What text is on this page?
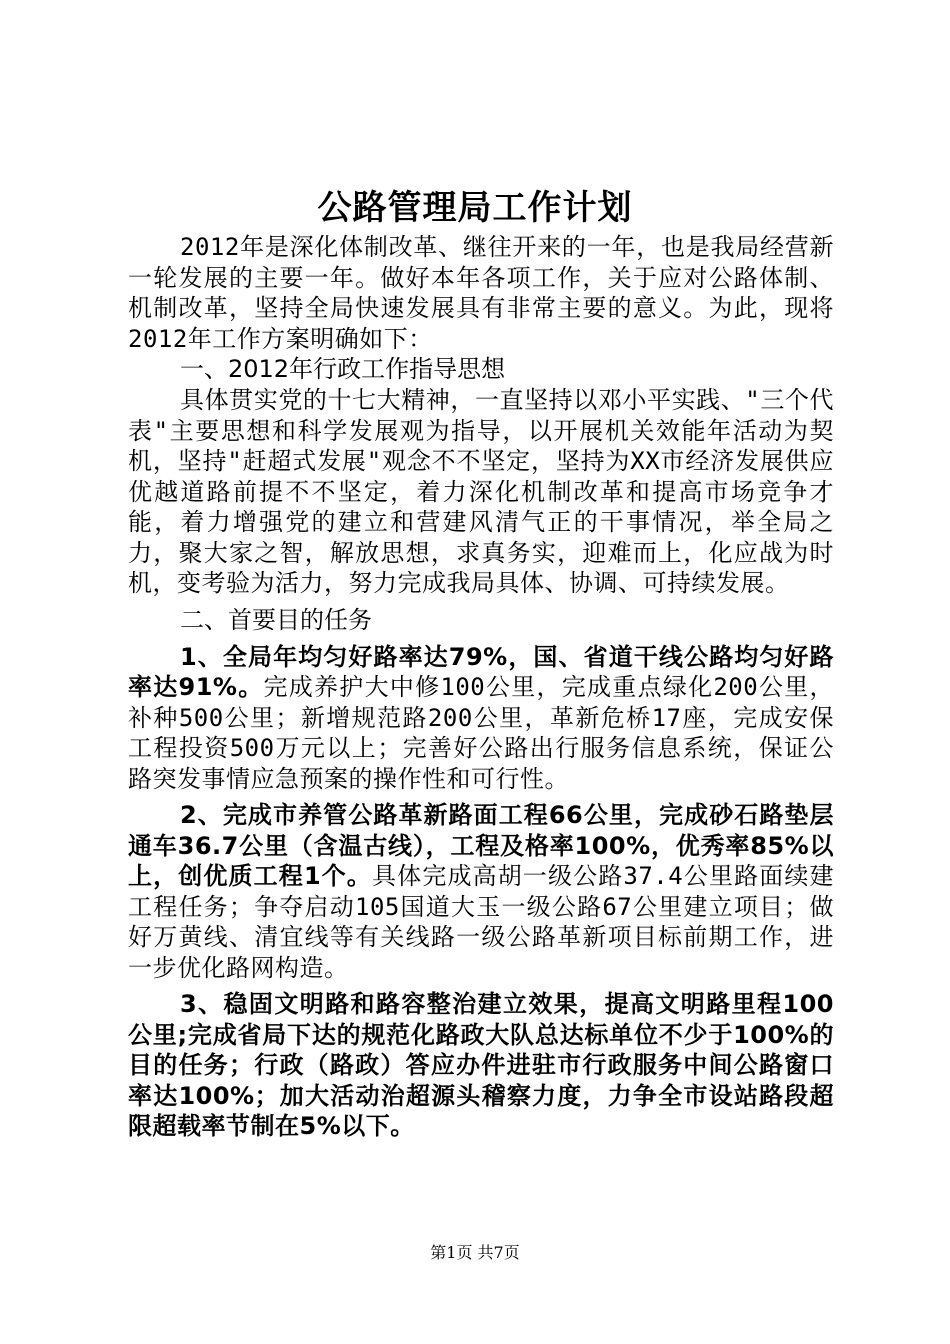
公路管理局工作计划

2012年是深化体制改革、继往开来的一年，也是我局经营新一轮发展的主要一年。做好本年各项工作，关于应对公路体制、机制改革，坚持全局快速发展具有非常主要的意义。为此，现将2012年工作方案明确如下：

一、2012年行政工作指导思想

具体贯实党的十七大精神，一直坚持以邓小平实践、"三个代表"主要思想和科学发展观为指导，以开展机关效能年活动为契机，坚持"赶超式发展"观念不不坚定，坚持为XX市经济发展供应优越道路前提不不坚定，着力深化机制改革和提高市场竞争才能，着力增强党的建立和营建风清气正的干事情况，举全局之力，聚大家之智，解放思想，求真务实，迎难而上，化应战为时机，变考验为活力，努力完成我局具体、协调、可持续发展。

二、首要目的任务

1、全局年均匀好路率达79%，国、省道干线公路均匀好路率达91%。完成养护大中修100公里，完成重点绿化200公里，补种500公里；新增规范路200公里，革新危桥17座，完成安保工程投资500万元以上；完善好公路出行服务信息系统，保证公路突发事情应急预案的操作性和可行性。

2、完成市养管公路革新路面工程66公里，完成砂石路垫层通车36.7公里（含温古线），工程及格率100%，优秀率85%以上，创优质工程1个。具体完成高胡一级公路37.4公里路面续建工程任务；争夺启动105国道大玉一级公路67公里建立项目；做好万黄线、清宜线等有关线路一级公路革新项目标前期工作，进一步优化路网构造。

3、稳固文明路和路容整治建立效果，提高文明路里程100公里;完成省局下达的规范化路政大队总达标单位不少于100%的目的任务；行政（路政）答应办件进驻市行政服务中间公路窗口率达100%；加大活动治超源头稽察力度，力争全市设站路段超限超载率节制在5%以下。

第1页 共7页
